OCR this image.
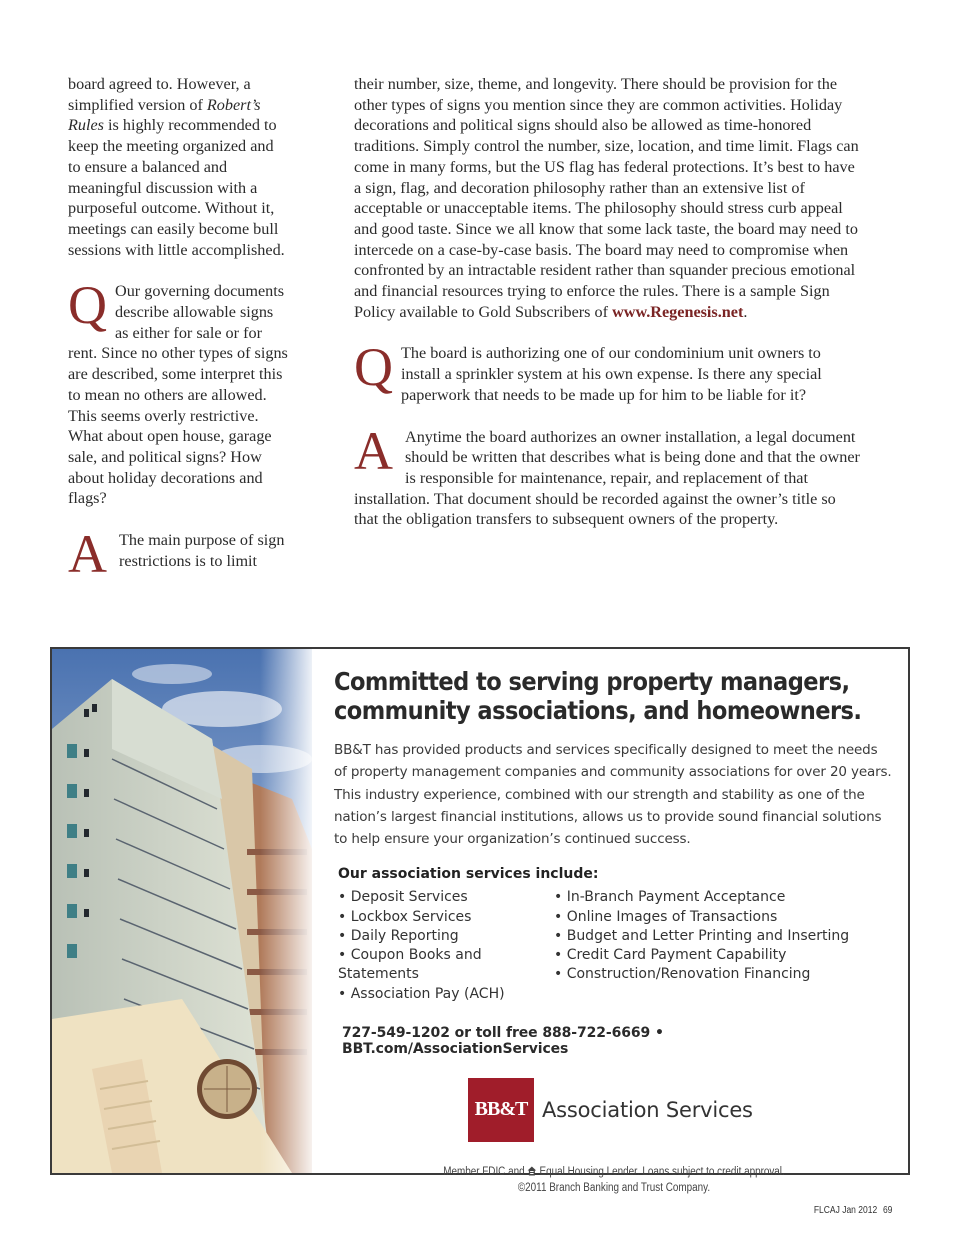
board agreed to. However, a simplified version of Robert’s Rules is highly recommended to keep the meeting organized and to ensure a balanced and meaningful discussion with a purposeful outcome. Without it, meetings can easily become bull sessions with little accomplished.

Q Our governing documents describe allowable signs as either for sale or for rent. Since no other types of signs are described, some interpret this to mean no others are allowed. This seems overly restrictive. What about open house, garage sale, and political signs? How about holiday decorations and flags?
A The main purpose of sign restrictions is to limit

their number, size, theme, and longevity. There should be provision for the other types of signs you mention since they are common activities. Holiday decorations and political signs should also be allowed as time-honored traditions. Simply control the number, size, location, and time limit. Flags can come in many forms, but the US flag has federal protections. It’s best to have a sign, flag, and decoration philosophy rather than an extensive list of acceptable or unacceptable items. The philosophy should stress curb appeal and good taste. Since we all know that some lack taste, the board may need to intercede on a case-by-case basis. The board may need to compromise when confronted by an intractable resident rather than squander precious emotional and financial resources trying to enforce the rules. There is a sample Sign Policy available to Gold Subscribers of www.Regenesis.net.

Q The board is authorizing one of our condominium unit owners to install a sprinkler system at his own expense. Is there any special paperwork that needs to be made up for him to be liable for it?
A Anytime the board authorizes an owner installation, a legal document should be written that describes what is being done and that the owner is responsible for maintenance, repair, and replacement of that installation. That document should be recorded against the owner’s title so that the obligation transfers to subsequent owners of the property.
Committed to serving property managers,
community associations, and homeowners.

BB&T has provided products and services specifically designed to meet the needs of property management companies and community associations for over 20 years. This industry experience, combined with our strength and stability as one of the nation’s largest financial institutions, allows us to provide sound financial solutions to help ensure your organization’s continued success.

Our association services include:
• Deposit Services
• Lockbox Services
• Daily Reporting
• Coupon Books and Statements
• Association Pay (ACH)
• In-Branch Payment Acceptance
• Online Images of Transactions
• Budget and Letter Printing and Inserting
• Credit Card Payment Capability
• Construction/Renovation Financing
727-549-1202 or toll free 888-722-6669 • BBT.com/AssociationServices
BB&T Association Services
Member FDIC and  Equal Housing Lender. Loans subject to credit approval.
©2011 Branch Banking and Trust Company.
FLCAJ Jan 2012 69
